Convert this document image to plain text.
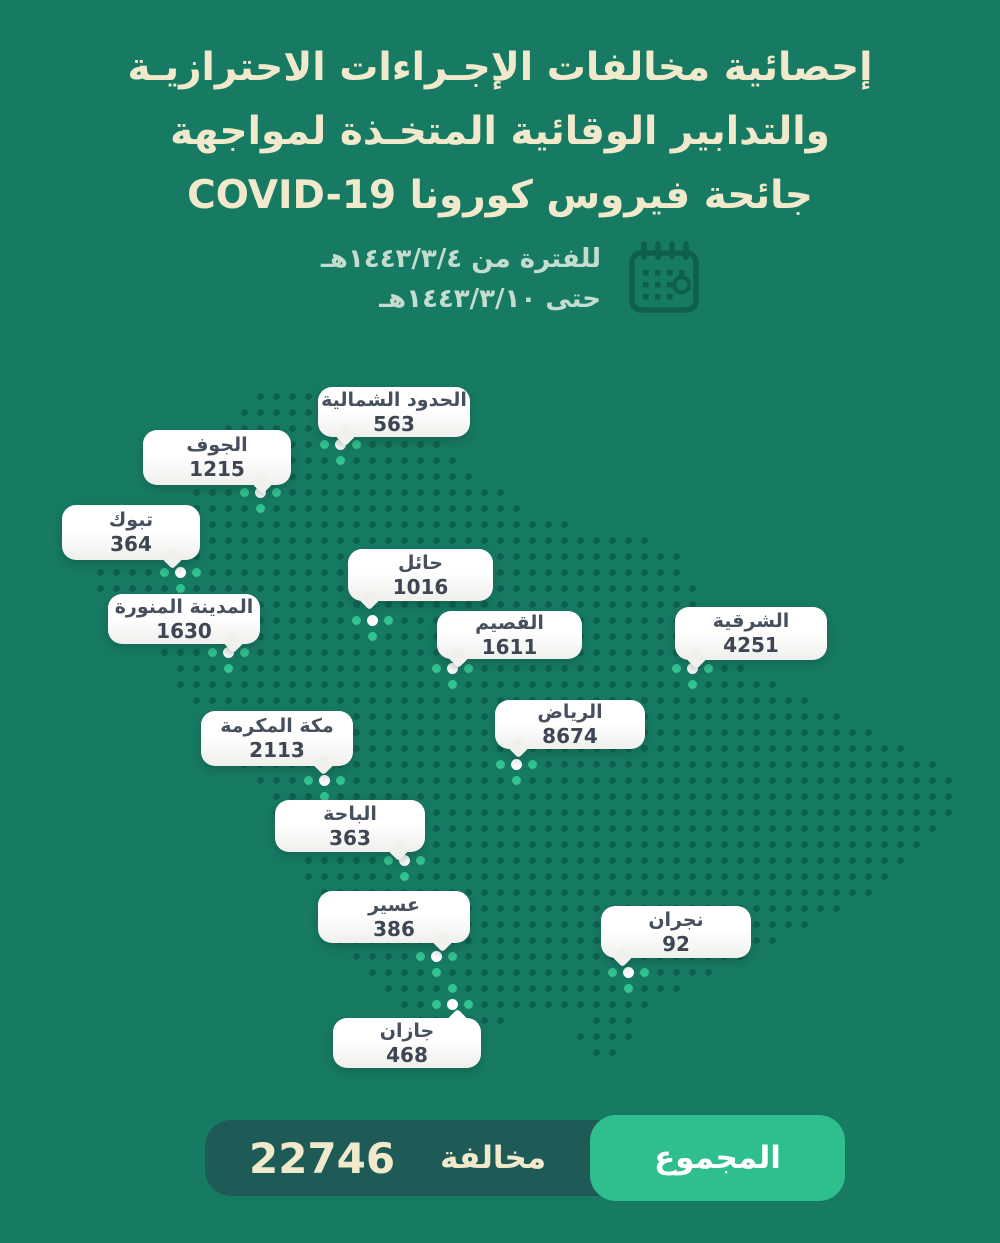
إحصائية مخالفات الإجـراءات الاحترازيـة
والتدابير الوقائية المتخـذة لمواجهة
جائحة فيروس كورونا COVID-19
للفترة من ١٤٤٣/٣/٤هـ
حتى ١٤٤٣/٣/١٠هـ
الحدود الشمالية
563
الجوف
1215
تبوك
364
حائل
1016
المدينة المنورة
1630	القصيم
1611
الشرقية
4251
الرياض
8674
مكة المكرمة
2113
الباحة
363
عسير
386	نجران
92
جازان
468
22746 مخالفة	المجموع
